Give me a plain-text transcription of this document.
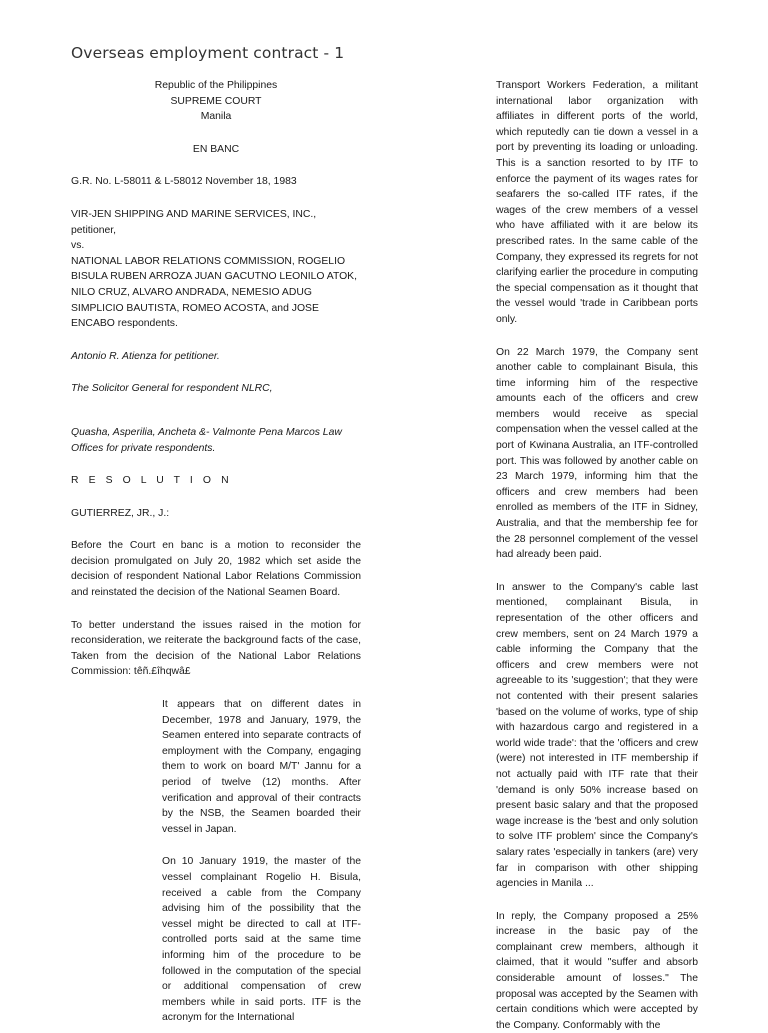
Overseas employment contract - 1

Republic of the Philippines

SUPREME COURT

Manila

EN BANC

G.R. No. L-58011 & L-58012 November 18, 1983

VIR-JEN SHIPPING AND MARINE SERVICES, INC., petitioner,

vs.

NATIONAL LABOR RELATIONS COMMISSION, ROGELIO BISULA RUBEN ARROZA JUAN GACUTNO LEONILO ATOK, NILO CRUZ, ALVARO ANDRADA, NEMESIO ADUG SIMPLICIO BAUTISTA, ROMEO ACOSTA, and JOSE ENCABO respondents.

Antonio R. Atienza for petitioner.

The Solicitor General for respondent NLRC,

Quasha, Asperilia, Ancheta &- Valmonte Pena Marcos Law Offices for private respondents.

R E S O L U T I O N

GUTIERREZ, JR., J.:

Before the Court en banc is a motion to reconsider the decision promulgated on July 20, 1982 which set aside the decision of respondent National Labor Relations Commission and reinstated the decision of the National Seamen Board.

To better understand the issues raised in the motion for reconsideration, we reiterate the background facts of the case, Taken from the decision of the National Labor Relations Commission: têñ.£îhqwâ£

It appears that on different dates in December, 1978 and January, 1979, the Seamen entered into separate contracts of employment with the Company, engaging them to work on board M/T' Jannu for a period of twelve (12) months. After verification and approval of their contracts by the NSB, the Seamen boarded their vessel in Japan.

On 10 January 1919, the master of the vessel complainant Rogelio H. Bisula, received a cable from the Company advising him of the possibility that the vessel might be directed to call at ITF-controlled ports said at the same time informing him of the procedure to be followed in the computation of the special or additional compensation of crew members while in said ports. ITF is the acronym for the International

Transport Workers Federation, a militant international labor organization with affiliates in different ports of the world, which reputedly can tie down a vessel in a port by preventing its loading or unloading. This is a sanction resorted to by ITF to enforce the payment of its wages rates for seafarers the so-called ITF rates, if the wages of the crew members of a vessel who have affiliated with it are below its prescribed rates. In the same cable of the Company, they expressed its regrets for not clarifying earlier the procedure in computing the special compensation as it thought that the vessel would 'trade in Caribbean ports only.

On 22 March 1979, the Company sent another cable to complainant Bisula, this time informing him of the respective amounts each of the officers and crew members would receive as special compensation when the vessel called at the port of Kwinana Australia, an ITF-controlled port. This was followed by another cable on 23 March 1979, informing him that the officers and crew members had been enrolled as members of the ITF in Sidney, Australia, and that the membership fee for the 28 personnel complement of the vessel had already been paid.

In answer to the Company's cable last mentioned, complainant Bisula, in representation of the other officers and crew members, sent on 24 March 1979 a cable informing the Company that the officers and crew members were not agreeable to its 'suggestion'; that they were not contented with their present salaries 'based on the volume of works, type of ship with hazardous cargo and registered in a world wide trade': that the 'officers and crew (were) not interested in ITF membership if not actually paid with ITF rate that their 'demand is only 50% increase based on present basic salary and that the proposed wage increase is the 'best and only solution to solve ITF problem' since the Company's salary rates 'especially in tankers (are) very far in comparison with other shipping agencies in Manila ...

In reply, the Company proposed a 25% increase in the basic pay of the complainant crew members, although it claimed, that it would "suffer and absorb considerable amount of losses." The proposal was accepted by the Seamen with certain conditions which were accepted by the Company. Conformably with the
